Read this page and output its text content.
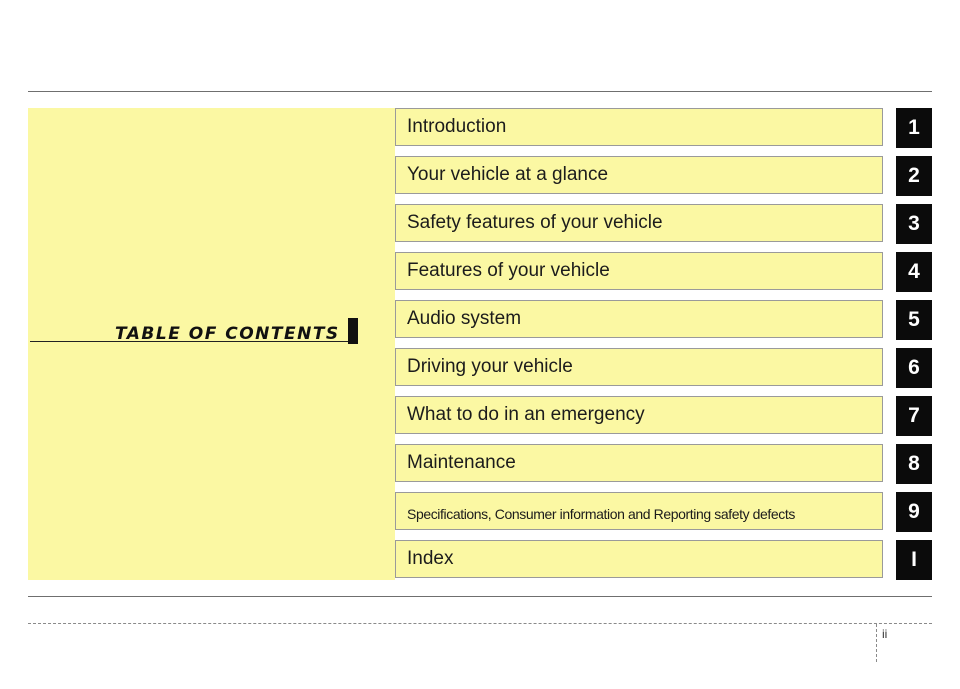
TABLE OF CONTENTS
Introduction	1
Your vehicle at a glance	2
Safety features of your vehicle	3
Features of your vehicle	4
Audio system	5
Driving your vehicle	6
What to do in an emergency	7
Maintenance	8
Specifications, Consumer information and Reporting safety defects	9
Index	I
ii
